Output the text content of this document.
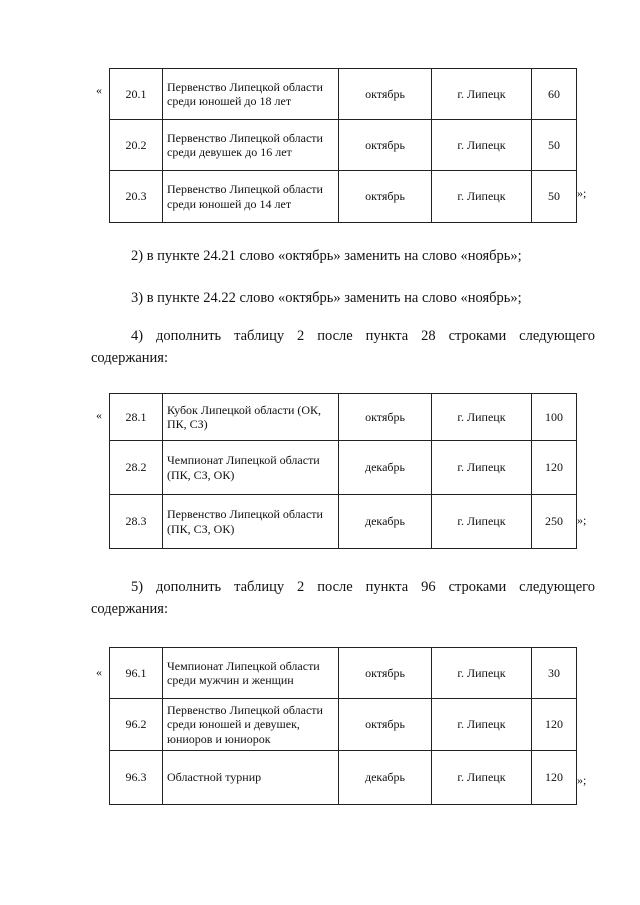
« 20.1	Первенство Липецкой области среди юношей до 18 лет	октябрь	г. Липецк	60
20.2	Первенство Липецкой области среди девушек до 16 лет	октябрь	г. Липецк	50
20.3	Первенство Липецкой области среди юношей до 14 лет	октябрь	г. Липецк	50 »;
2) в пункте 24.21 слово «октябрь» заменить на слово «ноябрь»;
3) в пункте 24.22 слово «октябрь» заменить на слово «ноябрь»;
4) дополнить таблицу 2 после пункта 28 строками следующего
содержания:
« 28.1	Кубок Липецкой области (ОК, ПК, СЗ)	октябрь	г. Липецк	100
28.2	Чемпионат Липецкой области (ПК, СЗ, ОК)	декабрь	г. Липецк	120
28.3	Первенство Липецкой области (ПК, СЗ, ОК)	декабрь	г. Липецк	250 »;
5) дополнить таблицу 2 после пункта 96 строками следующего
содержания:
« 96.1	Чемпионат Липецкой области среди мужчин и женщин	октябрь	г. Липецк	30
96.2	Первенство Липецкой области среди юношей и девушек, юниоров и юниорок	октябрь	г. Липецк	120
96.3	Областной турнир	декабрь	г. Липецк	120 »;
